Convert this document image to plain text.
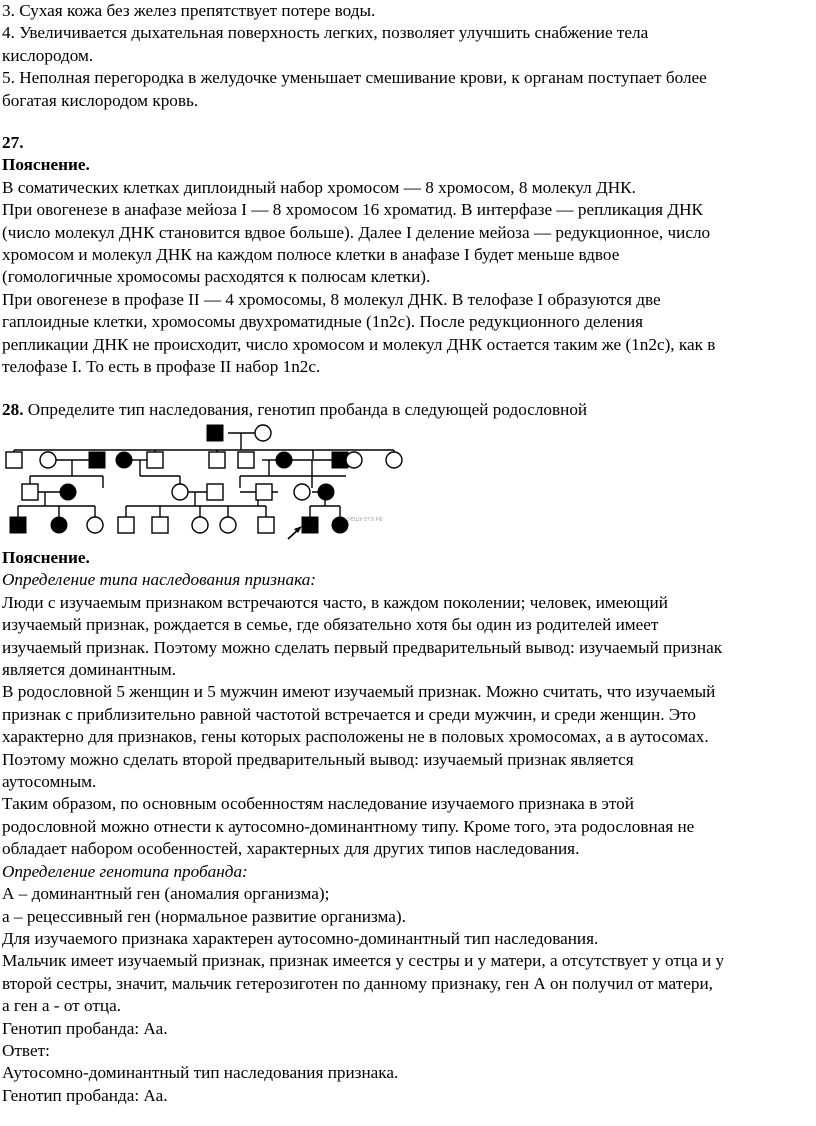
3. Сухая кожа без желез препятствует потере воды.

4. Увеличивается дыхательная поверхность легких, позволяет улучшить снабжение тела

кислородом.

5. Неполная перегородка в желудочке уменьшает смешивание крови, к органам поступает более

богатая кислородом кровь.

27.

Пояснение.

В соматических клетках диплоидный набор хромосом — 8 хромосом, 8 молекул ДНК.

При овогенезе в анафазе мейоза I — 8 хромосом 16 хроматид. В интерфазе — репликация ДНК

(число молекул ДНК становится вдвое больше). Далее I деление мейоза — редукционное, число

хромосом и молекул ДНК на каждом полюсе клетки в анафазе I будет меньше вдвое

(гомологичные хромосомы расходятся к полюсам клетки).

При овогенезе в профазе II — 4 хромосомы, 8 молекул ДНК. В телофазе I образуются две

гаплоидные клетки, хромосомы двухроматидные (1n2c). После редукционного деления

репликации ДНК не происходит, число хромосом и молекул ДНК остается таким же (1n2c), как в

телофазе I. То есть в профазе II набор 1n2c.

28. Определите тип наследования, генотип пробанда в следующей родословной

РЕШУ ЕГЭ.РФ

Пояснение.

Определение типа наследования признака:

Люди с изучаемым признаком встречаются часто, в каждом поколении; человек, имеющий

изучаемый признак, рождается в семье, где обязательно хотя бы один из родителей имеет

изучаемый признак. Поэтому можно сделать первый предварительный вывод: изучаемый признак

является доминантным.

В родословной 5 женщин и 5 мужчин имеют изучаемый признак. Можно считать, что изучаемый

признак с приблизительно равной частотой встречается и среди мужчин, и среди женщин. Это

характерно для признаков, гены которых расположены не в половых хромосомах, а в аутосомах.

Поэтому можно сделать второй предварительный вывод: изучаемый признак является

аутосомным.

Таким образом, по основным особенностям наследование изучаемого признака в этой

родословной можно отнести к аутосомно-доминантному типу. Кроме того, эта родословная не

обладает набором особенностей, характерных для других типов наследования.

Определение генотипа пробанда:

А – доминантный ген (аномалия организма);

а – рецессивный ген (нормальное развитие организма).

Для изучаемого признака характерен аутосомно-доминантный тип наследования.

Мальчик имеет изучаемый признак, признак имеется у сестры и у матери, а отсутствует у отца и у

второй сестры, значит, мальчик гетерозиготен по данному признаку, ген А он получил от матери,

а ген а - от отца.

Генотип пробанда: Аа.

Ответ:

Аутосомно-доминантный тип наследования признака.

Генотип пробанда: Аа.
